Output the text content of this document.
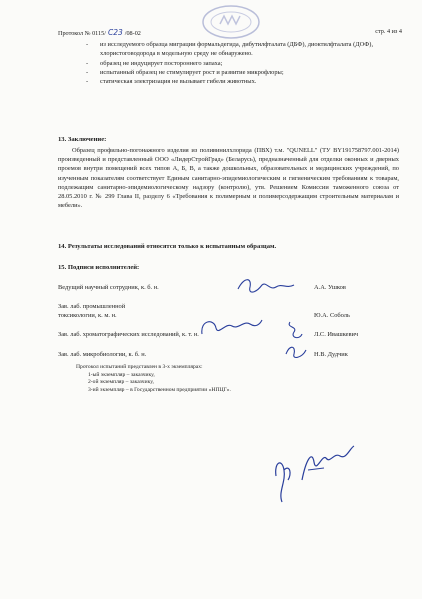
Протокол № 0115/ С23 /08-02	стр. 4 из 4
- из исследуемого образца миграции формальдегида, дибутилфталата (ДБФ), диоктилфталата (ДОФ), хлористоговодорода в модельную среду не обнаружено.
- образец не индуцирует постороннего запаха;
- испытанный образец не стимулирует рост и развитие микрофлоры;
- статическая электризация не вызывает гибели животных.
13. Заключение:

Образец профильно-погонажного изделия из поливинилхлорида (ПВХ) т.м. "QUNELL" (ТУ BY191758797.001-2014) произведенный и представленный ООО «ЛидерСтройГрад» (Беларусь), предназначенный для отделки оконных и дверных проемов внутри помещений всех типов А, Б, В, а также дошкольных, образовательных и медицинских учреждений, по изученным показателям соответствует Единым санитарно-эпидемиологическим и гигиеническим требованиям к товарам, подлежащим санитарно-эпидемиологическому надзору (контролю), утв. Решением Комиссии таможенного союза от 28.05.2010 г. № 299 Глава II, разделу 6 «Требования к полимерным и полимерсодержащим строительным материалам и мебели».

14. Результаты исследований относятся только к испытанным образцам.
15. Подписи исполнителей:
Ведущий научный сотрудник, к. б. н.	А.А. Ушков
Зав. лаб. промышленной
токсикологии, к. м. н.	Ю.А. Соболь
Зав. лаб. хроматографических исследований, к. т. н.	Л.С. Ивашкевич
Зав. лаб. микробиологии, к. б. н.	Н.В. Дудчик
Протокол испытаний представлен в 3-х экземплярах:
1-ый экземпляр – заказчику,
2-ой экземпляр – заказчику,
3-ий экземпляр – в Государственном предприятии «НПЦГ».
